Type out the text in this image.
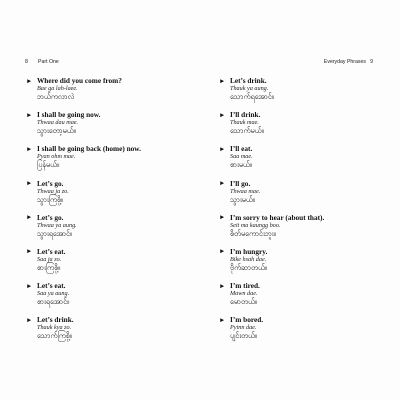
8 Part One
► Where did you come from?
Bae ga lah-laee.
ဘယ်ကလာလဲ
► I shall be going now.
Thwaa dau mae.
သွားတော့မယ်။
► I shall be going back (home) now.
Pyan ohm mae.
ပြန်မယ်။
► Let’s go.
Thwaa ja zo.
သွားကြစို့။
► Let’s go.
Thwaa ya aung.
သွားရအောင်။
► Let’s eat.
Saa ja zo.
စားကြစို့။
► Let’s eat.
Saa ya aung.
စားရအောင်။
► Let’s drink.
Thauk kya zo.
သောက်ကြစို့။
Everyday Phrases 9
► Let’s drink.
Thauk ya aung.
သောက်ရအောင်။
► I’ll drink.
Thauk mae.
သောက်မယ်။
► I’ll eat.
Saa mae.
စားမယ်။
► I’ll go.
Thwaa mae.
သွားမယ်။
► I’m sorry to hear (about that).
Seit ma kaungg boo.
စိတ်မကောင်းဘူး။
► I’m hungry.
Bike hsah dae.
ဗိုက်ဆာတယ်။
► I’m tired.
Mawn dae.
မောတယ်။
► I’m bored.
Pyinn dae.
ပျင်းတယ်။
